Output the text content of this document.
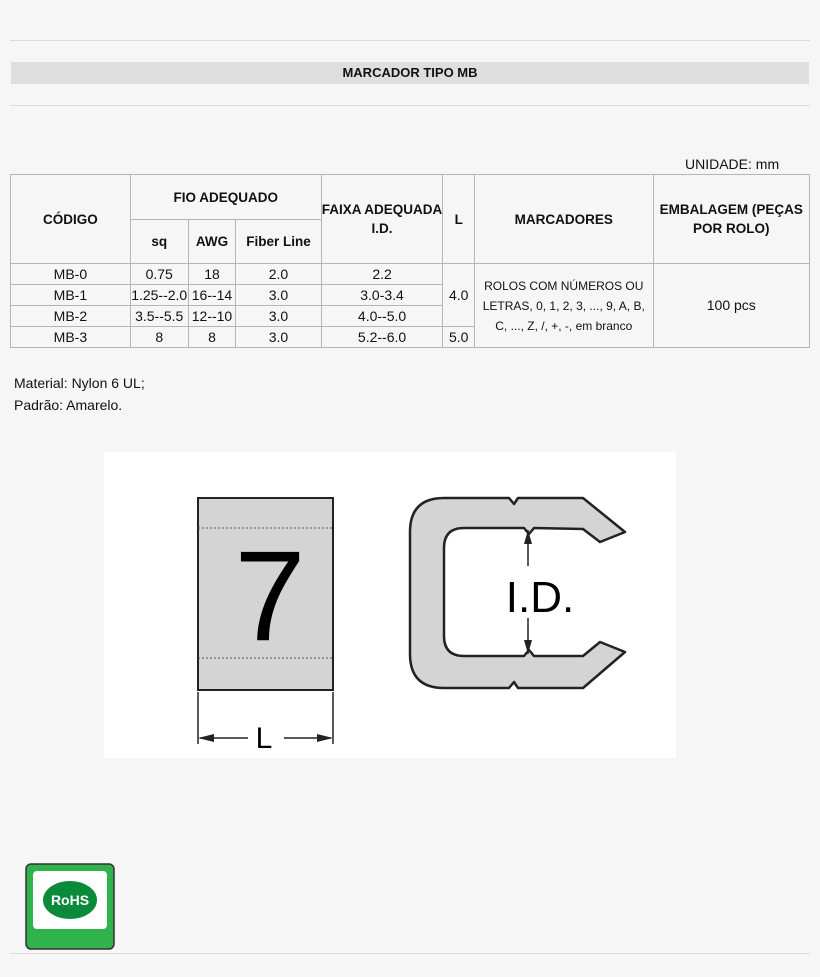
MARCADOR TIPO MB
UNIDADE: mm
CÓDIGO	FIO ADEQUADO			FAIXA ADEQUADA I.D.	L	MARCADORES	EMBALAGEM (PEÇAS POR ROLO)
	sq	AWG	Fiber Line				
MB-0	0.75	18	2.0	2.2	4.0	ROLOS COM NÚMEROS OU LETRAS, 0, 1, 2, 3, ..., 9, A, B, C, ..., Z, /, +, -, em branco	100 pcs
MB-1	1.25--2.0	16--14	3.0	3.0-3.4			
MB-2	3.5--5.5	12--10	3.0	4.0--5.0			
MB-3	8	8	3.0	5.2--6.0	5.0		
Material: Nylon 6 UL;
Padrão: Amarelo.
7
L
I.D.
RoHS
